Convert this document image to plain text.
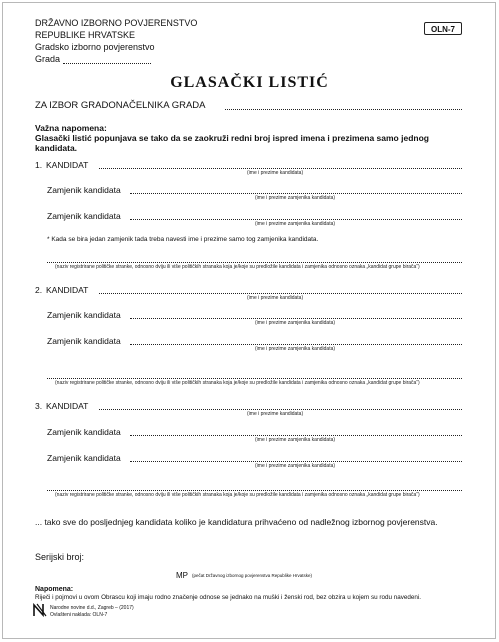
DRŽAVNO IZBORNO POVJERENSTVO
REPUBLIKE HRVATSKE
Gradsko izborno povjerenstvo
Grada
OLN-7
GLASAČKI LISTIĆ
ZA IZBOR GRADONAČELNIKA GRADA
Važna napomena:
Glasački listić popunjava se tako da se zaokruži redni broj ispred imena i prezimena samo jednog
kandidata.
1. KANDIDAT
(ime i prezime kandidata)
Zamjenik kandidata
(ime i prezime zamjenika kandidata)
Zamjenik kandidata
(ime i prezime zamjenika kandidata)
* Kada se bira jedan zamjenik tada treba navesti ime i prezime samo tog zamjenika kandidata.
(naziv registrirane političke stranke, odnosno dviju ili više političkih stranaka koja je/koje su predložile kandidata i zamjenika odnosno oznaka „kandidat grupe birača“)
2. KANDIDAT
(ime i prezime kandidata)
Zamjenik kandidata
(ime i prezime zamjenika kandidata)
Zamjenik kandidata
(ime i prezime zamjenika kandidata)
(naziv registrirane političke stranke, odnosno dviju ili više političkih stranaka koja je/koje su predložile kandidata i zamjenika odnosno oznaka „kandidat grupe birača“)
3. KANDIDAT
(ime i prezime kandidata)
Zamjenik kandidata
(ime i prezime zamjenika kandidata)
Zamjenik kandidata
(ime i prezime zamjenika kandidata)
(naziv registrirane političke stranke, odnosno dviju ili više političkih stranaka koja je/koje su predložile kandidata i zamjenika odnosno oznaka „kandidat grupe birača“)
... tako sve do posljednjeg kandidata koliko je kandidatura prihvaćeno od nadležnog izbornog povjerenstva.
Serijski broj:
MP (pečat Državnog izbornog povjerenstva Republike Hrvatske)
Napomena:
Riječi i pojmovi u ovom Obrascu koji imaju rodno značenje odnose se jednako na muški i ženski rod, bez obzira u kojem su rodu navedeni.
Narodne novine d.d., Zagreb – (2017)
Ovlašteni naklada: OLN-7
